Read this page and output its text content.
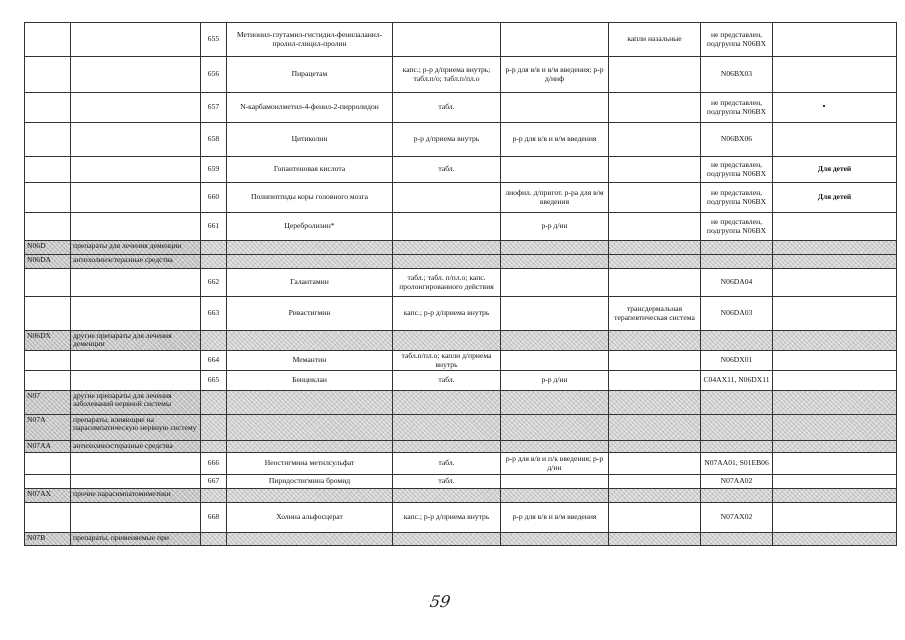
		655	Метионил-глутамил-гистидил-фенилаланил-пролил-глицил-пролин			капли назальные	не представлен, подгруппа N06BX	
		656	Пирацетам	капс.; р-р д/приема внутрь; табл.п/о; табл.п/пл.о	р-р для в/в и в/м введения; р-р д/инф		N06BX03	
		657	N-карбамоилметил-4-фенил-2-пирролидон	табл.			не представлен, подгруппа N06BX	
		658	Цитиколин	р-р д/приема внутрь	р-р для в/в и в/м введения		N06BX06	
		659	Гопантеновая кислота	табл.			не представлен, подгруппа N06BX	Для детей
		660	Полипептиды коры головного мозга		лиофил. д/пригот. р-ра для в/м введения		не представлен, подгруппа N06BX	Для детей
		661	Церебролизин*		р-р д/ин		не представлен, подгруппа N06BX	
N06D	препараты для лечения деменции							
N06DA	антихолинэстеразные средства							
		662	Галантамин	табл.; табл. п/пл.о; капс. пролонгированного действия			N06DA04	
		663	Ривастигмин	капс.; р-р д/приема внутрь		трансдермальная терапевтическая система	N06DA03	
N06DX	другие препараты для лечения деменции							
		664	Мемантин	табл.п/пл.о; капли д/приема внутрь			N06DX01	
		665	Бенциклан	табл.	р-р д/ин		C04AX11, N06DX11	
N07	другие препараты для лечения заболеваний нервной системы							
N07A	препараты, влияющие на парасимпатическую нервную систему							
N07AA	антихолинэстеразные средства							
		666	Неостигмина метилсульфат	табл.	р-р для в/в и п/к введения; р-р д/ин		N07AA01, S01EB06	
		667	Пиридостигмина бромид	табл.			N07AA02	
N07AX	прочие парасимпатомиметики							
		668	Холина альфосцерат	капс.; р-р д/приема внутрь	р-р для в/в и в/м введения		N07AX02	
N07B	препараты, применяемые при							
59
